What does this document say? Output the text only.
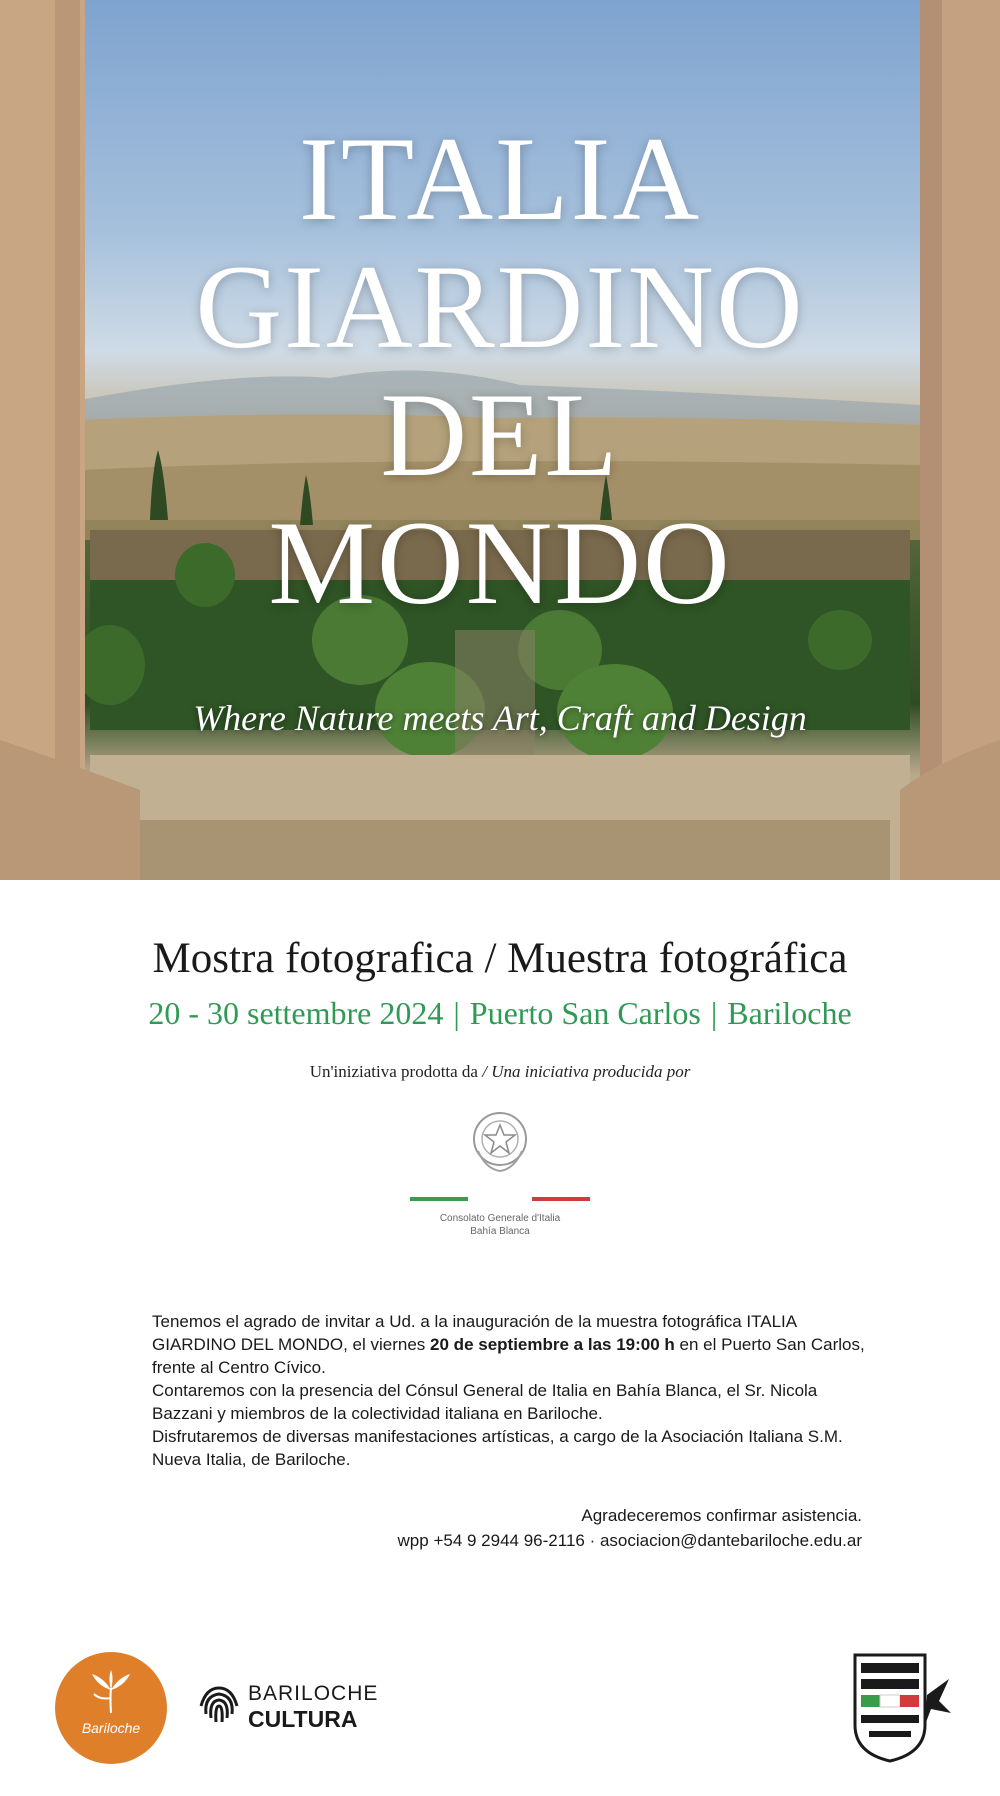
ITALIA
GIARDINO
DEL
MONDO
Where Nature meets Art, Craft and Design
Mostra fotografica / Muestra fotográfica
20 - 30 settembre 2024 | Puerto San Carlos | Bariloche
Un'iniziativa prodotta da / Una iniciativa producida por
Consolato Generale d'Italia
Bahía Blanca

Tenemos el agrado de invitar a Ud. a la inauguración de la muestra fotográfica ITALIA GIARDINO DEL MONDO, el viernes 20 de septiembre a las 19:00 h en el Puerto San Carlos, frente al Centro Cívico.

Contaremos con la presencia del Cónsul General de Italia en Bahía Blanca, el Sr. Nicola Bazzani y miembros de la colectividad italiana en Bariloche.

Disfrutaremos de diversas manifestaciones artísticas, a cargo de la Asociación Italiana S.M. Nueva Italia, de Bariloche.

Agradeceremos confirmar asistencia.
wpp +54 9 2944 96-2116 · asociacion@dantebariloche.edu.ar
Bariloche
BARILOCHE
CULTURA
